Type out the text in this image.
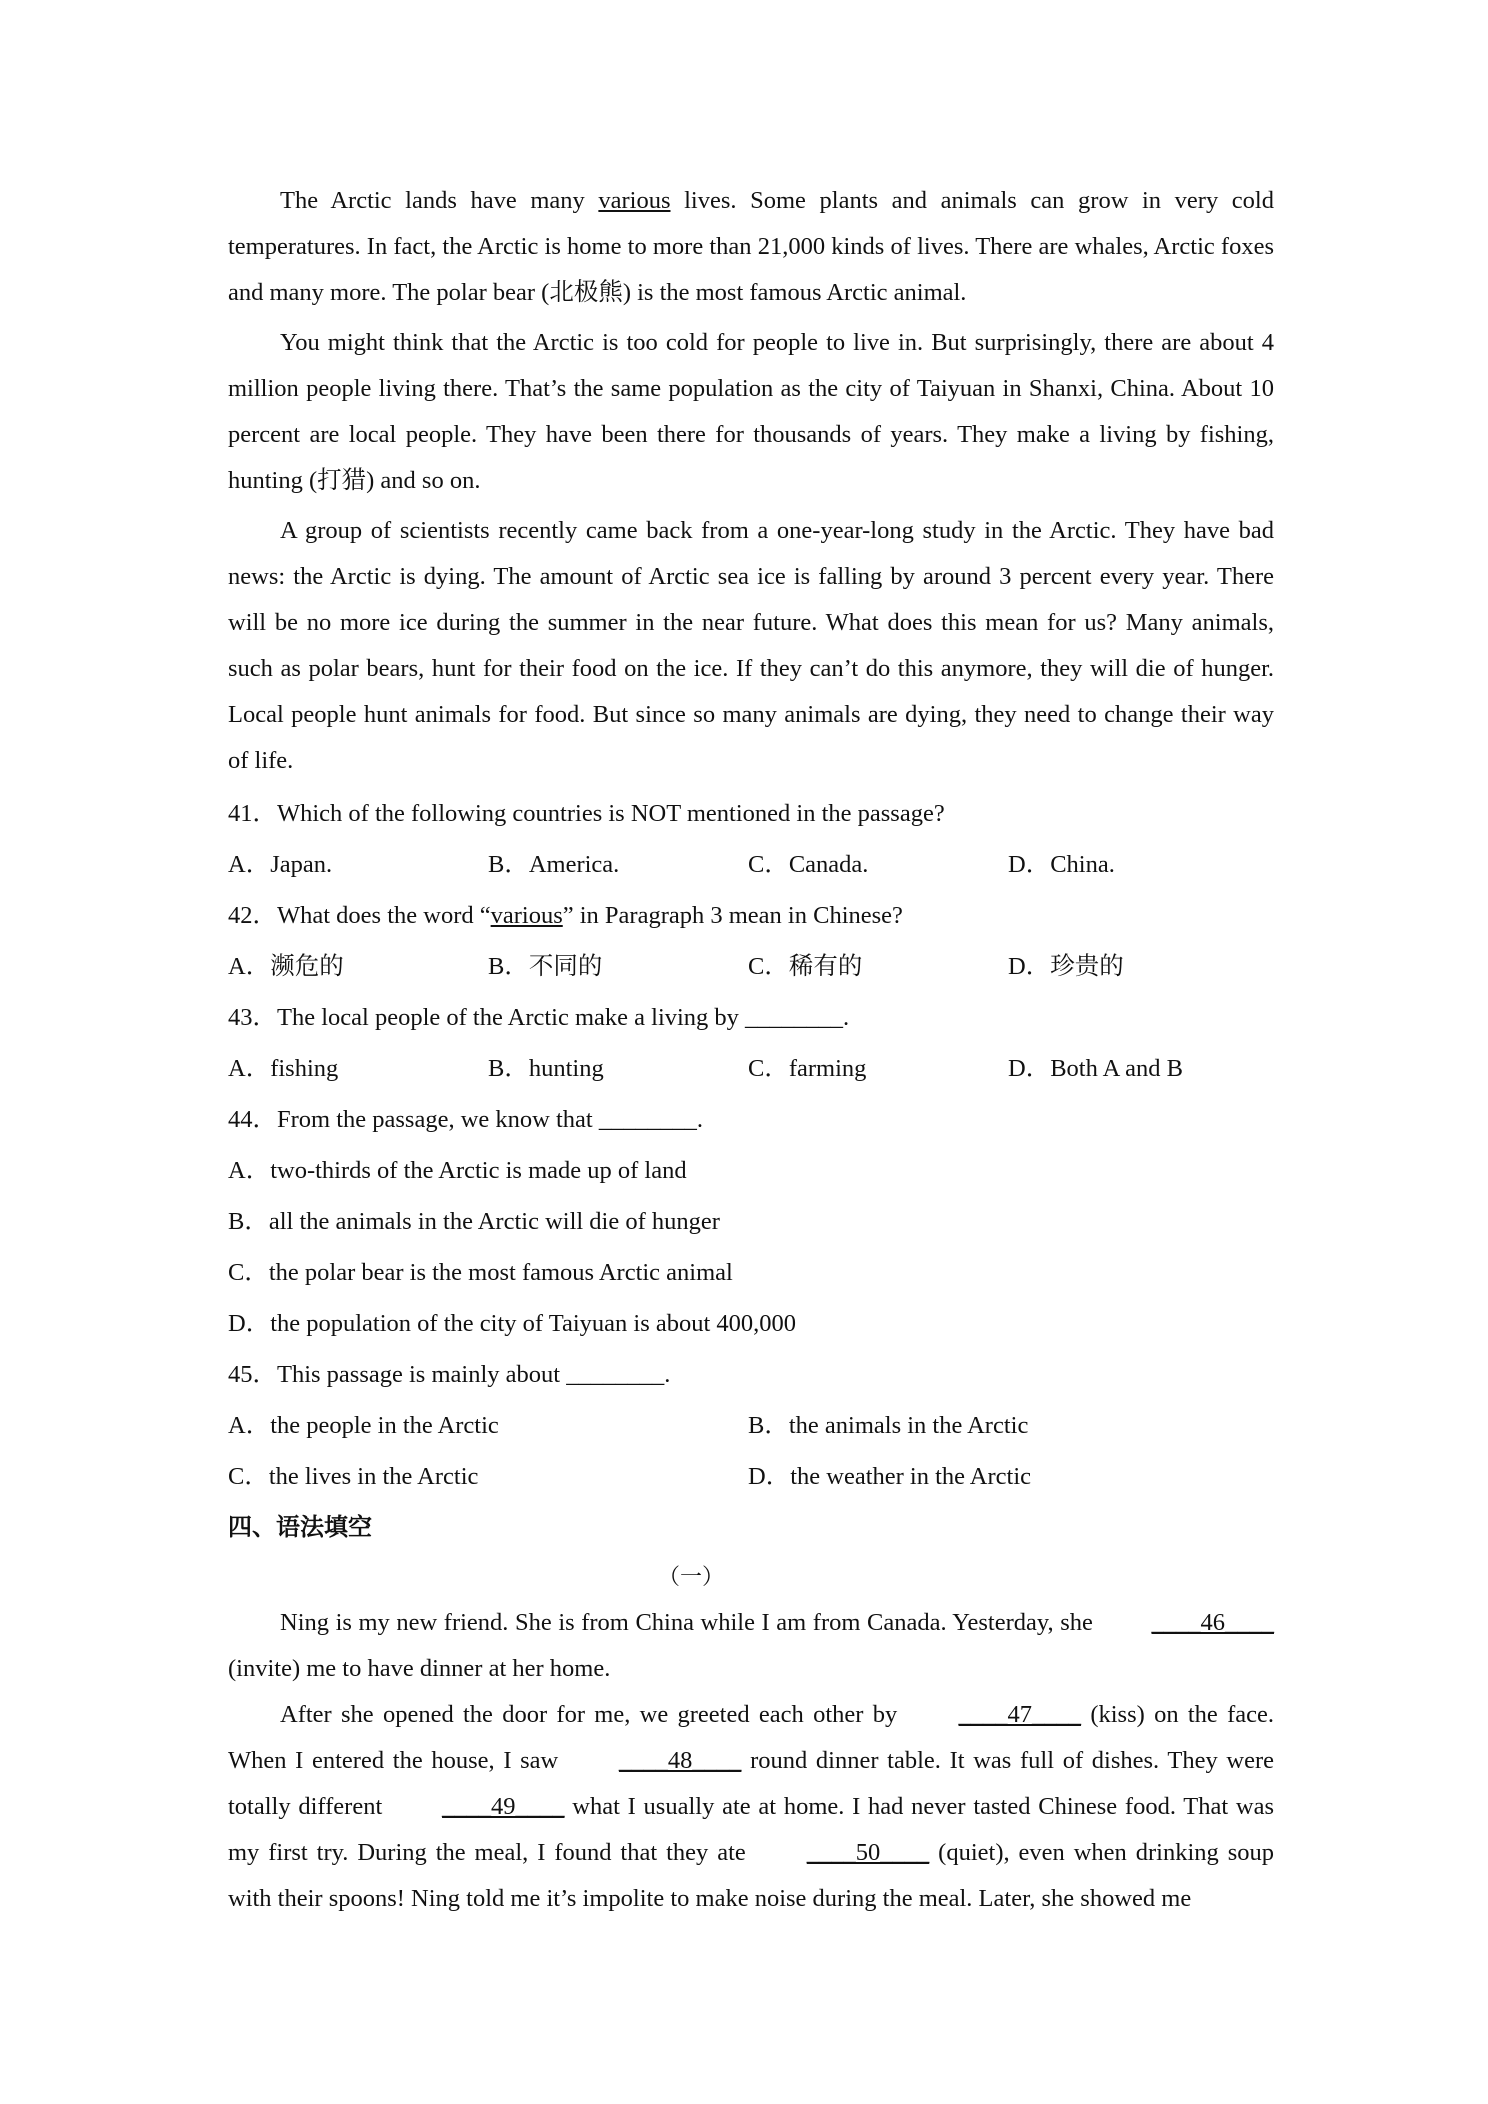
The Arctic lands have many various lives. Some plants and animals can grow in very cold temperatures. In fact, the Arctic is home to more than 21,000 kinds of lives. There are whales, Arctic foxes and many more. The polar bear (北极熊) is the most famous Arctic animal.

You might think that the Arctic is too cold for people to live in. But surprisingly, there are about 4 million people living there. That’s the same population as the city of Taiyuan in Shanxi, China. About 10 percent are local people. They have been there for thousands of years. They make a living by fishing, hunting (打猎) and so on.

A group of scientists recently came back from a one-year-long study in the Arctic. They have bad news: the Arctic is dying. The amount of Arctic sea ice is falling by around 3 percent every year. There will be no more ice during the summer in the near future. What does this mean for us? Many animals, such as polar bears, hunt for their food on the ice. If they can’t do this anymore, they will die of hunger. Local people hunt animals for food. But since so many animals are dying, they need to change their way of life.

41．Which of the following countries is NOT mentioned in the passage?
A．Japan.	B．America.	C．Canada.	D．China.
42．What does the word “various” in Paragraph 3 mean in Chinese?
A．濒危的	B．不同的	C．稀有的	D．珍贵的
43．The local people of the Arctic make a living by ________.
A．fishing	B．hunting	C．farming	D．Both A and B
44．From the passage, we know that ________.
A．two-thirds of the Arctic is made up of land
B．all the animals in the Arctic will die of hunger
C．the polar bear is the most famous Arctic animal
D．the population of the city of Taiyuan is about 400,000
45．This passage is mainly about ________.
A．the people in the Arctic	B．the animals in the Arctic
C．the lives in the Arctic	D．the weather in the Arctic
四、语法填空
（一）

Ning is my new friend. She is from China while I am from Canada. Yesterday, she ____46____ (invite) me to have dinner at her home.

After she opened the door for me, we greeted each other by ____47____ (kiss) on the face. When I entered the house, I saw ____48____ round dinner table. It was full of dishes. They were totally different ____49____ what I usually ate at home. I had never tasted Chinese food. That was my first try. During the meal, I found that they ate ____50____ (quiet), even when drinking soup with their spoons! Ning told me it’s impolite to make noise during the meal. Later, she showed me
